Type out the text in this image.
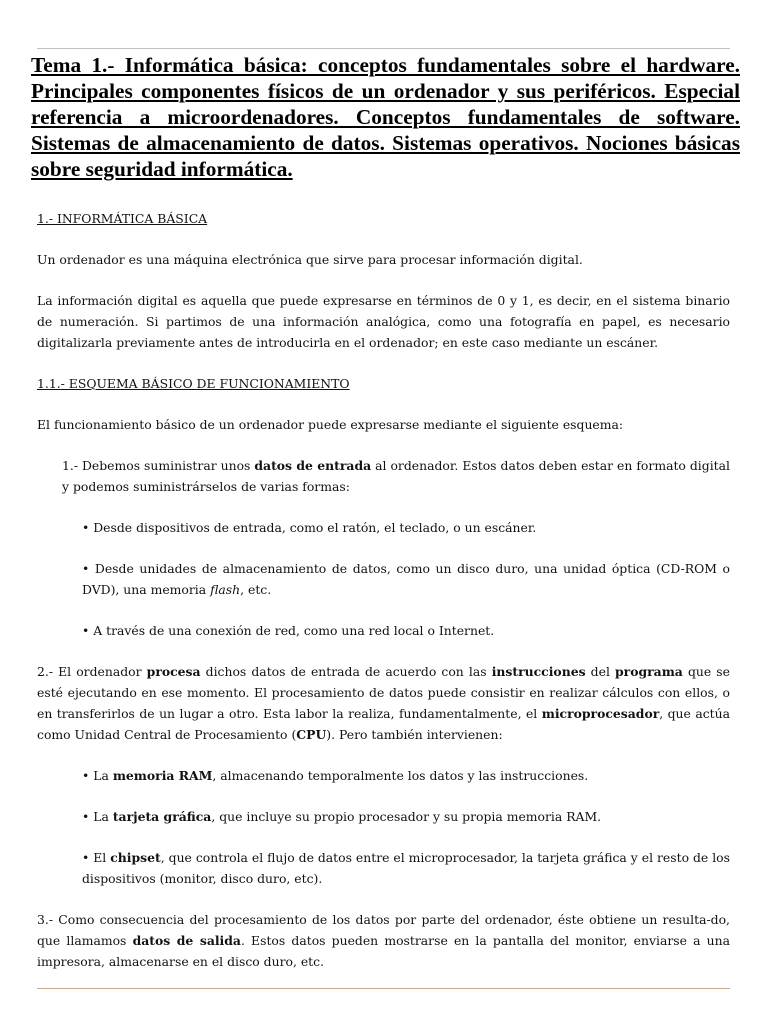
Tema 1.- Informática básica: conceptos fundamentales sobre el hardware. Principales componentes físicos de un ordenador y sus periféricos. Especial referencia a microordenadores. Conceptos fundamentales de software. Sistemas de almacenamiento de datos. Sistemas operativos. Nociones básicas sobre seguridad informática.

1.- INFORMÁTICA BÁSICA

Un ordenador es una máquina electrónica que sirve para procesar información digital.

La información digital es aquella que puede expresarse en términos de 0 y 1, es decir, en el sistema binario de numeración. Si partimos de una información analógica, como una fotografía en papel, es necesario digitalizarla previamente antes de introducirla en el ordenador; en este caso mediante un escáner.

1.1.- ESQUEMA BÁSICO DE FUNCIONAMIENTO

El funcionamiento básico de un ordenador puede expresarse mediante el siguiente esquema:

1.- Debemos suministrar unos datos de entrada al ordenador. Estos datos deben estar en formato digital y podemos suministrárselos de varias formas:

• Desde dispositivos de entrada, como el ratón, el teclado, o un escáner.

• Desde unidades de almacenamiento de datos, como un disco duro, una unidad óptica (CD-ROM o DVD), una memoria flash, etc.

• A través de una conexión de red, como una red local o Internet.

2.- El ordenador procesa dichos datos de entrada de acuerdo con las instrucciones del programa que se esté ejecutando en ese momento. El procesamiento de datos puede consistir en realizar cálculos con ellos, o en transferirlos de un lugar a otro. Esta labor la realiza, fundamentalmente, el microprocesador, que actúa como Unidad Central de Procesamiento (CPU). Pero también intervienen:

• La memoria RAM, almacenando temporalmente los datos y las instrucciones.

• La tarjeta gráfica, que incluye su propio procesador y su propia memoria RAM.

• El chipset, que controla el flujo de datos entre el microprocesador, la tarjeta gráfica y el resto de los dispositivos (monitor, disco duro, etc).

3.- Como consecuencia del procesamiento de los datos por parte del ordenador, éste obtiene un resulta-do, que llamamos datos de salida. Estos datos pueden mostrarse en la pantalla del monitor, enviarse a una impresora, almacenarse en el disco duro, etc.
